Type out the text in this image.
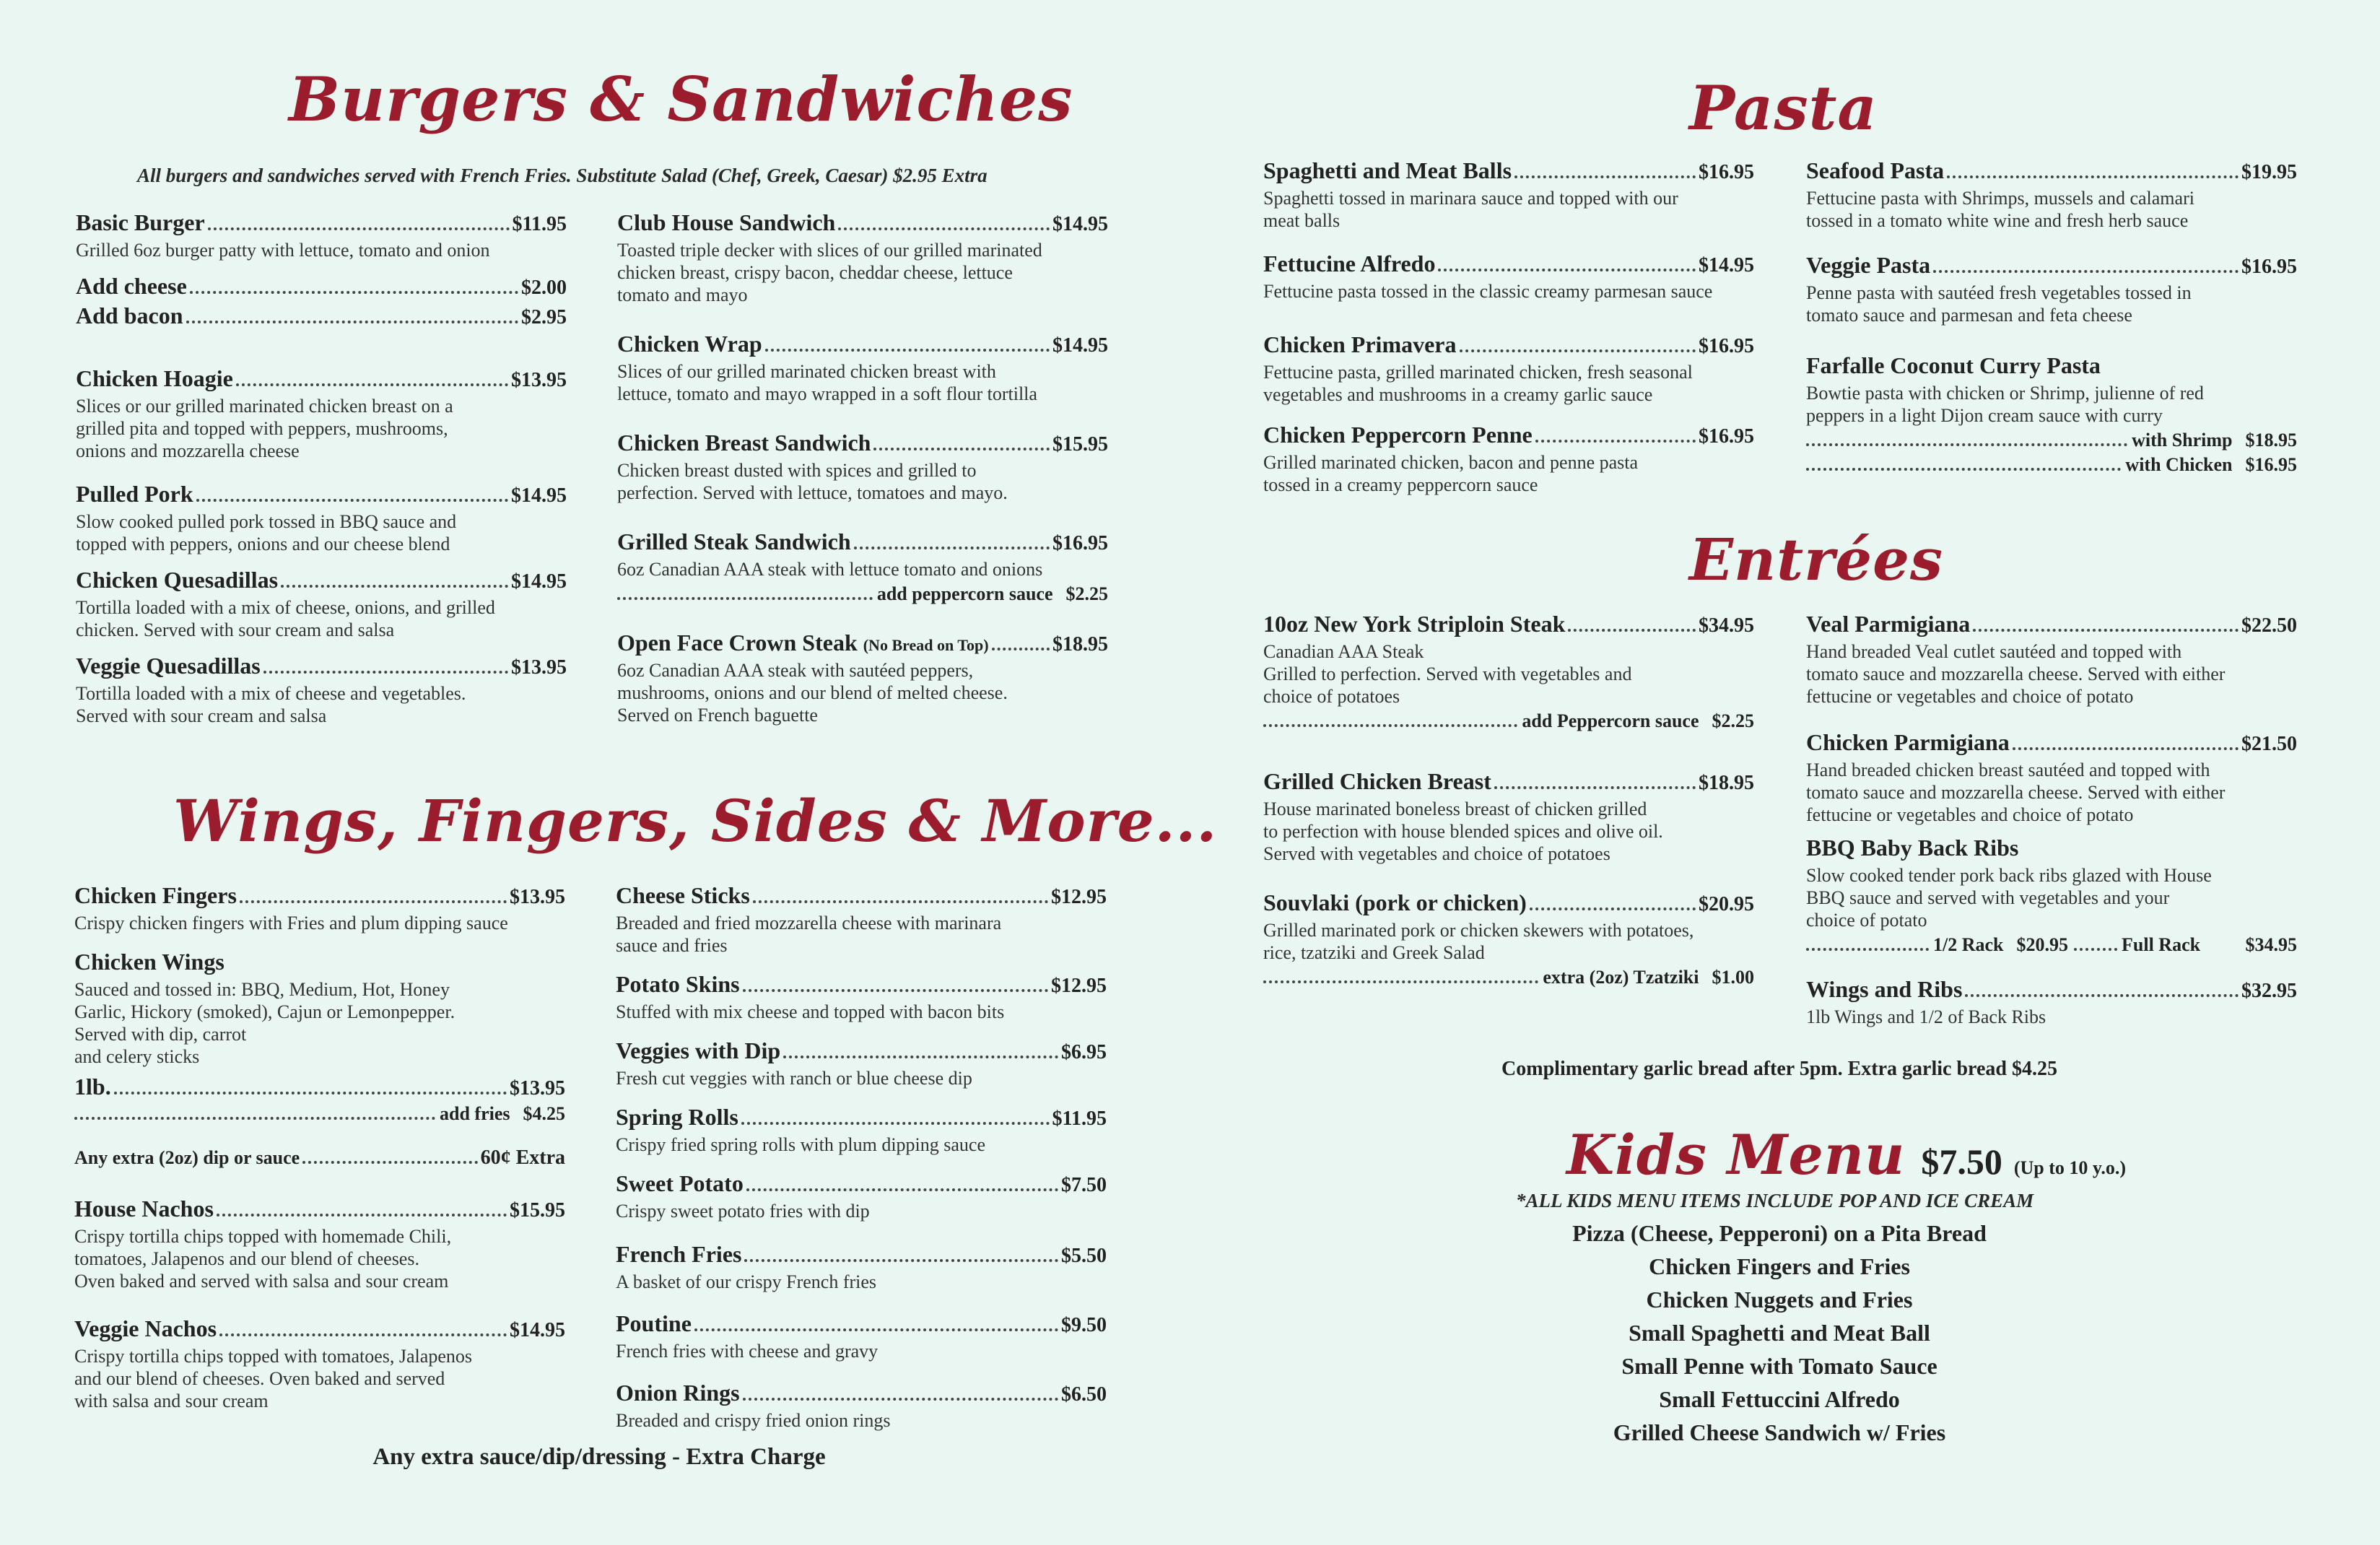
Burgers & Sandwiches
All burgers and sandwiches served with French Fries. Substitute Salad (Chef, Greek, Caesar) $2.95 Extra
Basic Burger	$11.95
Grilled 6oz burger patty with lettuce, tomato and onion
Add cheese	$2.00
Add bacon	$2.95
Chicken Hoagie	$13.95
Slices or our grilled marinated chicken breast on a
grilled pita and topped with peppers, mushrooms,
onions and mozzarella cheese
Pulled Pork	$14.95
Slow cooked pulled pork tossed in BBQ sauce and
topped with peppers, onions and our cheese blend
Chicken Quesadillas	$14.95
Tortilla loaded with a mix of cheese, onions, and grilled
chicken. Served with sour cream and salsa
Veggie Quesadillas	$13.95
Tortilla loaded with a mix of cheese and vegetables.
Served with sour cream and salsa
Club House Sandwich	$14.95
Toasted triple decker with slices of our grilled marinated
chicken breast, crispy bacon, cheddar cheese, lettuce
tomato and mayo
Chicken Wrap	$14.95
Slices of our grilled marinated chicken breast with
lettuce, tomato and mayo wrapped in a soft flour tortilla
Chicken Breast Sandwich	$15.95
Chicken breast dusted with spices and grilled to
perfection. Served with lettuce, tomatoes and mayo.
Grilled Steak Sandwich	$16.95
6oz Canadian AAA steak with lettuce tomato and onions
add peppercorn sauce $2.25
Open Face Crown Steak (No Bread on Top)	$18.95
6oz Canadian AAA steak with sautéed peppers,
mushrooms, onions and our blend of melted cheese.
Served on French baguette
Wings, Fingers, Sides & More...
Chicken Fingers	$13.95
Crispy chicken fingers with Fries and plum dipping sauce
Chicken Wings
Sauced and tossed in: BBQ, Medium, Hot, Honey
Garlic, Hickory (smoked), Cajun or Lemonpepper.
Served with dip, carrot
and celery sticks
1lb.	$13.95
add fries $4.25
Any extra (2oz) dip or sauce	60¢ Extra
House Nachos	$15.95
Crispy tortilla chips topped with homemade Chili,
tomatoes, Jalapenos and our blend of cheeses.
Oven baked and served with salsa and sour cream
Veggie Nachos	$14.95
Crispy tortilla chips topped with tomatoes, Jalapenos
and our blend of cheeses. Oven baked and served
with salsa and sour cream
Cheese Sticks	$12.95
Breaded and fried mozzarella cheese with marinara
sauce and fries
Potato Skins	$12.95
Stuffed with mix cheese and topped with bacon bits
Veggies with Dip	$6.95
Fresh cut veggies with ranch or blue cheese dip
Spring Rolls	$11.95
Crispy fried spring rolls with plum dipping sauce
Sweet Potato	$7.50
Crispy sweet potato fries with dip
French Fries	$5.50
A basket of our crispy French fries
Poutine	$9.50
French fries with cheese and gravy
Onion Rings	$6.50
Breaded and crispy fried onion rings
Any extra sauce/dip/dressing - Extra Charge
Pasta
Spaghetti and Meat Balls	$16.95
Spaghetti tossed in marinara sauce and topped with our
meat balls
Fettucine Alfredo	$14.95
Fettucine pasta tossed in the classic creamy parmesan sauce
Chicken Primavera	$16.95
Fettucine pasta, grilled marinated chicken, fresh seasonal
vegetables and mushrooms in a creamy garlic sauce
Chicken Peppercorn Penne	$16.95
Grilled marinated chicken, bacon and penne pasta
tossed in a creamy peppercorn sauce
Seafood Pasta	$19.95
Fettucine pasta with Shrimps, mussels and calamari
tossed in a tomato white wine and fresh herb sauce
Veggie Pasta	$16.95
Penne pasta with sautéed fresh vegetables tossed in
tomato sauce and parmesan and feta cheese
Farfalle Coconut Curry Pasta
Bowtie pasta with chicken or Shrimp, julienne of red
peppers in a light Dijon cream sauce with curry
with Shrimp $18.95
with Chicken $16.95
Entrées
10oz New York Striploin Steak	$34.95
Canadian AAA Steak
Grilled to perfection. Served with vegetables and
choice of potatoes
add Peppercorn sauce $2.25
Grilled Chicken Breast	$18.95
House marinated boneless breast of chicken grilled
to perfection with house blended spices and olive oil.
Served with vegetables and choice of potatoes
Souvlaki (pork or chicken)	$20.95
Grilled marinated pork or chicken skewers with potatoes,
rice, tzatziki and Greek Salad
extra (2oz) Tzatziki $1.00
Veal Parmigiana	$22.50
Hand breaded Veal cutlet sautéed and topped with
tomato sauce and mozzarella cheese. Served with either
fettucine or vegetables and choice of potato
Chicken Parmigiana	$21.50
Hand breaded chicken breast sautéed and topped with
tomato sauce and mozzarella cheese. Served with either
fettucine or vegetables and choice of potato
BBQ Baby Back Ribs
Slow cooked tender pork back ribs glazed with House
BBQ sauce and served with vegetables and your
choice of potato
1/2 Rack $20.95	Full Rack	$34.95
Wings and Ribs	$32.95
1lb Wings and 1/2 of Back Ribs
Complimentary garlic bread after 5pm. Extra garlic bread $4.25
Kids Menu $7.50 (Up to 10 y.o.)
*ALL KIDS MENU ITEMS INCLUDE POP AND ICE CREAM
Pizza (Cheese, Pepperoni) on a Pita Bread
Chicken Fingers and Fries
Chicken Nuggets and Fries
Small Spaghetti and Meat Ball
Small Penne with Tomato Sauce
Small Fettuccini Alfredo
Grilled Cheese Sandwich w/ Fries
